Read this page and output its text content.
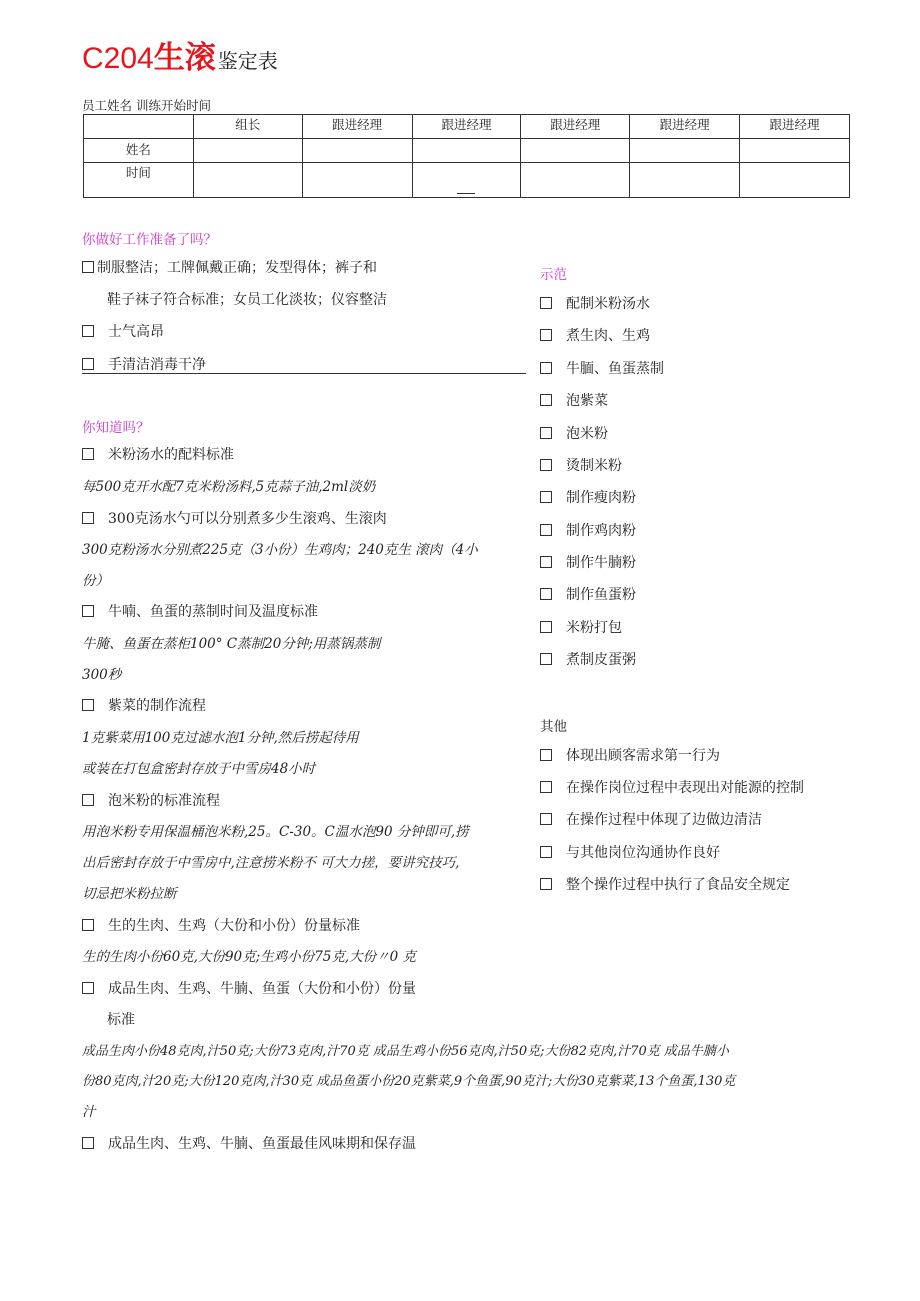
C204生滚 鉴定表
员工姓名 训练开始时间
	组长	跟进经理	跟进经理	跟进经理	跟进经理	跟进经理
姓名						
时间						
你做好工作准备了吗？
制服整洁；工牌佩戴正确；发型得体；裤子和
鞋子袜子符合标准；女员工化淡妆；仪容整洁
士气高昂
手清洁消毒干净
你知道吗？
米粉汤水的配料标准
每500克开水配7克米粉汤料,5克蒜子油,2ml淡奶
300克汤水勺可以分别煮多少生滚鸡、生滚肉
300克粉汤水分别煮225克（3小份）生鸡肉；240克生 滚肉（4小
份）
牛喃、鱼蛋的蒸制时间及温度标准
牛腌、鱼蛋在蒸柜100° C蒸制20分钟;用蒸锅蒸制
300秒
紫菜的制作流程
1克紫菜用100克过滤水泡1分钟,然后捞起待用
或装在打包盒密封存放于中雪房48小时
泡米粉的标准流程
用泡米粉专用保温桶泡米粉,25。C-30。C温水泡90 分钟即可,捞
出后密封存放于中雪房中,注意捞米粉不 可大力搓，要讲究技巧,
切忌把米粉拉断
生的生肉、生鸡（大份和小份）份量标准
生的生肉小份60克,大份90克;生鸡小份75克,大份〃0 克
成品生肉、生鸡、牛腩、鱼蛋（大份和小份）份量
标准
成品生肉小份48克肉,汁50克;大份73克肉,汁70克 成品生鸡小份56克肉,汁50克;大份82克肉,汁70克 成品牛腩小
份80克肉,汁20克;大份120克肉,汁30克 成品鱼蛋小份20克紫菜,9个鱼蛋,90克汁;大份30克紫菜,13个鱼蛋,130克
汁
成品生肉、生鸡、牛腩、鱼蛋最佳风味期和保存温
示范
配制米粉汤水
煮生肉、生鸡
牛腼、鱼蛋蒸制
泡紫菜
泡米粉
烫制米粉
制作瘦肉粉
制作鸡肉粉
制作牛腩粉
制作鱼蛋粉
米粉打包
煮制皮蛋粥
其他
体现出顾客需求第一行为
在操作岗位过程中表现出对能源的控制
在操作过程中体现了边做边清洁
与其他岗位沟通协作良好
整个操作过程中执行了食品安全规定
